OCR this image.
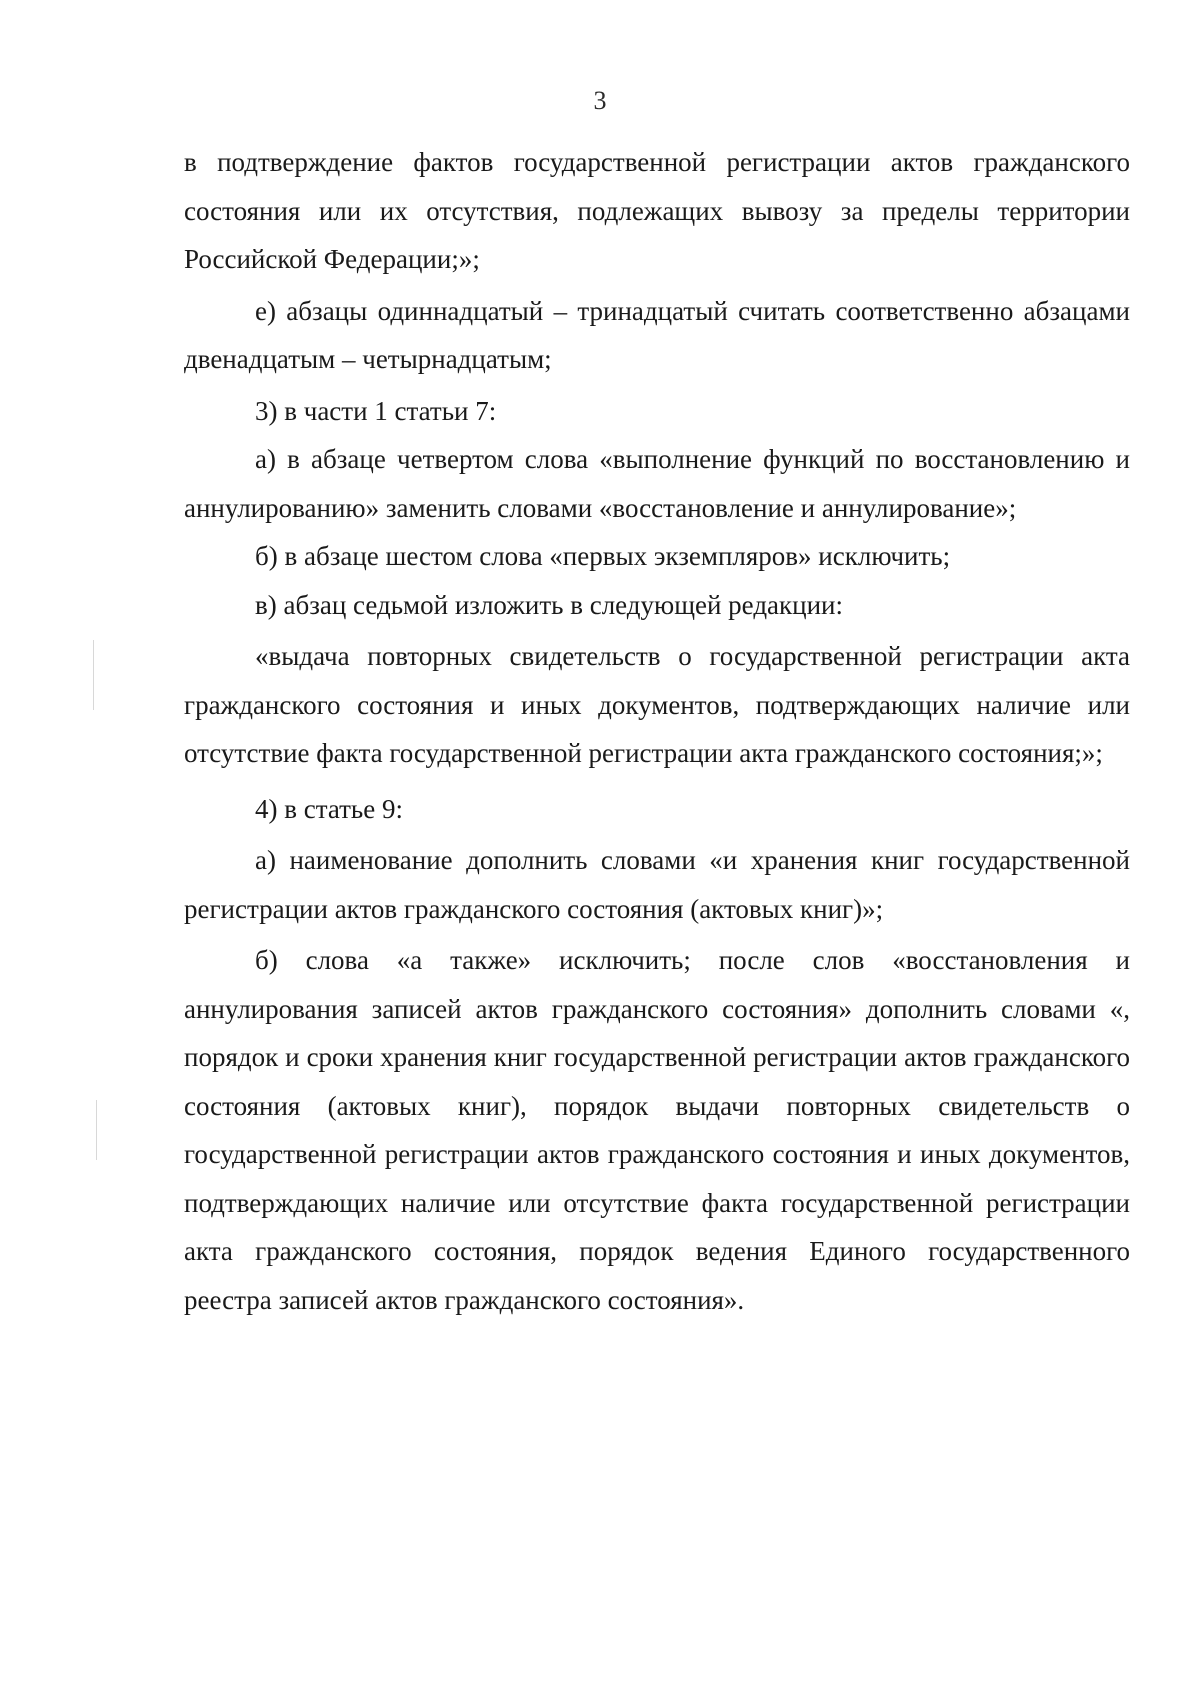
3

в подтверждение фактов государственной регистрации актов гражданского состояния или их отсутствия, подлежащих вывозу за пределы территории Российской Федерации;»;

е) абзацы одиннадцатый – тринадцатый считать соответственно абзацами двенадцатым – четырнадцатым;

3) в части 1 статьи 7:

а) в абзаце четвертом слова «выполнение функций по восстановлению и аннулированию» заменить словами «восстановление и аннулирование»;

б) в абзаце шестом слова «первых экземпляров» исключить;

в) абзац седьмой изложить в следующей редакции:

«выдача повторных свидетельств о государственной регистрации акта гражданского состояния и иных документов, подтверждающих наличие или отсутствие факта государственной регистрации акта гражданского состояния;»;

4) в статье 9:

а) наименование дополнить словами «и хранения книг государственной регистрации актов гражданского состояния (актовых книг)»;

б) слова «а также» исключить; после слов «восстановления и аннулирования записей актов гражданского состояния» дополнить словами «, порядок и сроки хранения книг государственной регистрации актов гражданского состояния (актовых книг), порядок выдачи повторных свидетельств о государственной регистрации актов гражданского состояния и иных документов, подтверждающих наличие или отсутствие факта государственной регистрации акта гражданского состояния, порядок ведения Единого государственного реестра записей актов гражданского состояния».
